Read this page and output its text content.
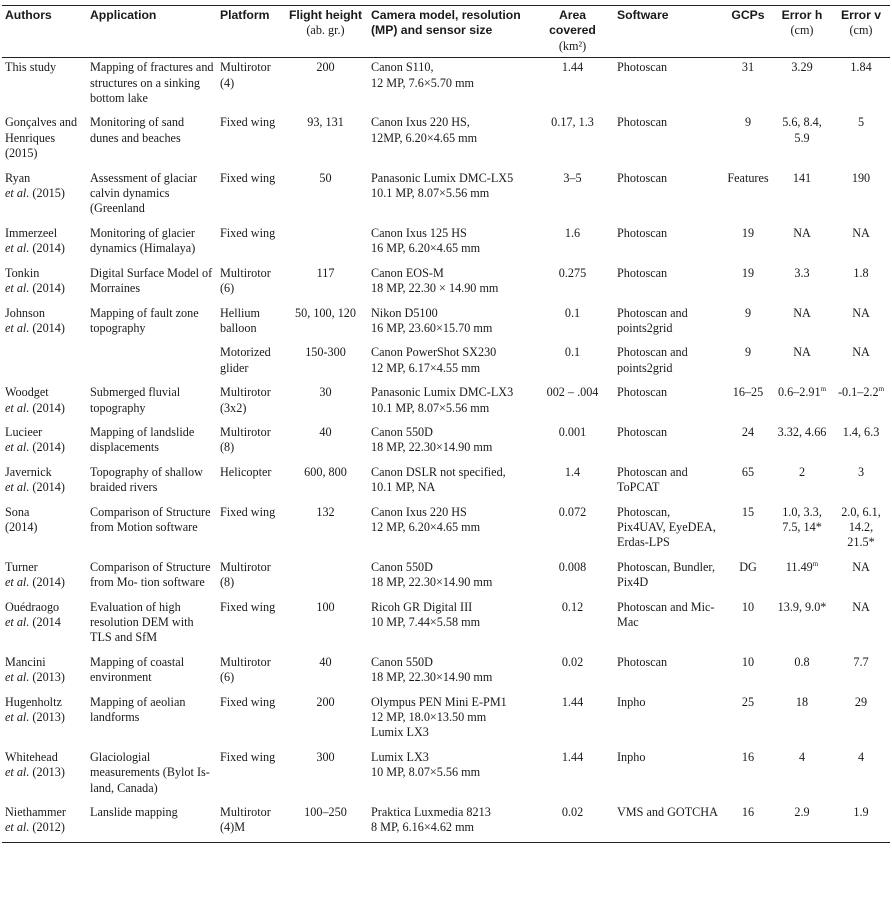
Authors	Application	Platform	Flight height
(ab. gr.)	Camera model, resolution
(MP) and sensor size	Area covered
(km²)	Software	GCPs	Error h
(cm)	Error v
(cm)

This study	Mapping of fractures and structures on a sinking bottom lake	Multirotor (4)	200	Canon S110,
12 MP, 7.6×5.70 mm	1.44	Photoscan	31	3.29	1.84
Gonçalves and Henriques (2015)	Monitoring of sand dunes and beaches	Fixed wing	93, 131	Canon Ixus 220 HS,
12MP, 6.20×4.65 mm	0.17, 1.3	Photoscan	9	5.6, 8.4, 5.9	5
Ryan
et al. (2015)	Assessment of glaciar calvin dynamics (Greenland	Fixed wing	50	Panasonic Lumix DMC-LX5
10.1 MP, 8.07×5.56 mm	3–5	Photoscan	Features	141	190
Immerzeel
et al. (2014)	Monitoring of glacier dynamics (Himalaya)	Fixed wing		Canon Ixus 125 HS
16 MP, 6.20×4.65 mm	1.6	Photoscan	19	NA	NA
Tonkin
et al. (2014)	Digital Surface Model of Morraines	Multirotor (6)	117	Canon EOS-M
18 MP, 22.30 × 14.90 mm	0.275	Photoscan	19	3.3	1.8
Johnson
et al. (2014)	Mapping of fault zone topography	Hellium balloon	50, 100, 120	Nikon D5100
16 MP, 23.60×15.70 mm	0.1	Photoscan and points2grid	9	NA	NA
		Motorized glider	150-300	Canon PowerShot SX230
12 MP, 6.17×4.55 mm	0.1	Photoscan and points2grid	9	NA	NA
Woodget
et al. (2014)	Submerged fluvial topography	Multirotor (3x2)	30	Panasonic Lumix DMC-LX3
10.1 MP, 8.07×5.56 mm	002 – .004	Photoscan	16–25	0.6–2.91$^m$	-0.1–2.2$^m$
Lucieer
et al. (2014)	Mapping of landslide displacements	Multirotor (8)	40	Canon 550D
18 MP, 22.30×14.90 mm	0.001	Photoscan	24	3.32, 4.66	1.4, 6.3
Javernick
et al. (2014)	Topography of shallow braided rivers	Helicopter	600, 800	Canon DSLR not specified,
10.1 MP, NA	1.4	Photoscan and ToPCAT	65	2	3
Sona
(2014)	Comparison of Structure from Motion software	Fixed wing	132	Canon Ixus 220 HS
12 MP, 6.20×4.65 mm	0.072	Photoscan, Pix4UAV, EyeDEA, Erdas-LPS	15	1.0, 3.3, 7.5, 14*	2.0, 6.1, 14.2, 21.5*
Turner
et al. (2014)	Comparison of Structure from Mo- tion software	Multirotor (8)		Canon 550D
18 MP, 22.30×14.90 mm	0.008	Photoscan, Bundler, Pix4D	DG	11.49$^m$	NA
Ouédraogo
et al. (2014	Evaluation of high resolution DEM with TLS and SfM	Fixed wing	100	Ricoh GR Digital III
10 MP, 7.44×5.58 mm	0.12	Photoscan and Mic- Mac	10	13.9, 9.0*	NA
Mancini
et al. (2013)	Mapping of coastal environment	Multirotor (6)	40	Canon 550D
18 MP, 22.30×14.90 mm	0.02	Photoscan	10	0.8	7.7
Hugenholtz
et al. (2013)	Mapping of aeolian landforms	Fixed wing	200	Olympus PEN Mini E-PM1
12 MP, 18.0×13.50 mm
Lumix LX3	1.44	Inpho	25	18	29
Whitehead
et al. (2013)	Glaciologial measurements (Bylot Is- land, Canada)	Fixed wing	300	Lumix LX3
10 MP, 8.07×5.56 mm	1.44	Inpho	16	4	4
Niethammer
et al. (2012)	Lanslide mapping	Multirotor (4)M	100–250	Praktica Luxmedia 8213
8 MP, 6.16×4.62 mm	0.02	VMS and GOTCHA	16	2.9	1.9
